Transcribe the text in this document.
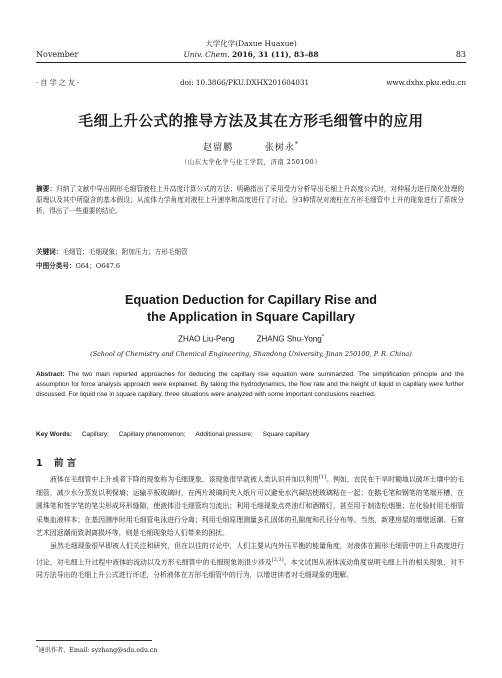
November
大学化学(Daxue Huaxue)
Univ. Chem. 2016, 31 (11), 83–88	83
·自学之友·	doi: 10.3866/PKU.DXHX201604031	www.dxhx.pku.edu.cn
毛细上升公式的推导方法及其在方形毛细管中的应用
赵留鹏	张树永*
（山东大学化学与化工学院，济南 250100）
摘要：归纳了文献中导出圆形毛细管液柱上升高度计算公式的方法；明确指出了采用受力分析导出毛细上升高度公式时，对伸展力进行简化处理的原理以及其中所隐含的基本假设；从流体力学角度对液柱上升速率和高度进行了讨论。分3种情况对液柱在方形毛细管中上升的现象进行了系统分析，得出了一些重要的结论。
关键词：毛细管；毛细现象；附加压力；方形毛细管
中图分类号：G64；O647.6
Equation Deduction for Capillary Rise and
the Application in Square Capillary
ZHAO Liu-Peng	ZHANG Shu-Yong*
(School of Chemistry and Chemical Engineering, Shandong University, Jinan 250100, P. R. China)
Abstract: The two main reported approaches for deducing the capillary rise equation were summarized. The simplification principle and the assumption for force analysis approach were explained. By taking the hydrodynamics, the flow rate and the height of liquid in capillary were further discussed. For liquid rise in square capillary, three situations were analyzed with some important conclusions reached.
Key Words: Capillary; Capillary phenomenon; Additional pressure; Square capillary
1 前 言

液体在毛细管中上升或者下降的现象称为毛细现象，该现象很早就被人类认识并加以利用[1]。例如，农民在干旱时锄地以破坏土壤中的毛细管，减少水分蒸发以利保墒；运输平板玻璃时，在两片玻璃间夹入纸片可以避免水汽凝结使玻璃粘在一起；在鹅毛笔和钢笔的笔端开槽、在圆珠笔和签字笔的笔尖形成环形缝隙，使液体沿毛细管均匀流出；利用毛细现象点亮油灯和酒精灯，甚至用于制造松烟墨；在化验时用毛细管采集血液样本；在基因测序时用毛细管电泳进行分离；利用毛细原理测量多孔固体的孔隙度和孔径分布等。当然，新建房屋的墙壁返潮、石窟艺术因返潮而致剥离损坏等，则是毛细现象给人们带来的困扰。

虽然毛细现象很早即被人们关注和研究，但在以往的讨论中，人们主要从内外压平衡的能量角度，对液体在圆形毛细管中的上升高度进行讨论，对毛细上升过程中液体的流动以及方形毛细管中的毛细现象则很少涉及[2,3]。本文试图从液体流动角度说明毛细上升的相关现象，对不同方法导出的毛细上升公式进行评述，分析液体在方形毛细管中的行为，以增进读者对毛细现象的理解。

*通讯作者，Email: syzhang@sdu.edu.cn
